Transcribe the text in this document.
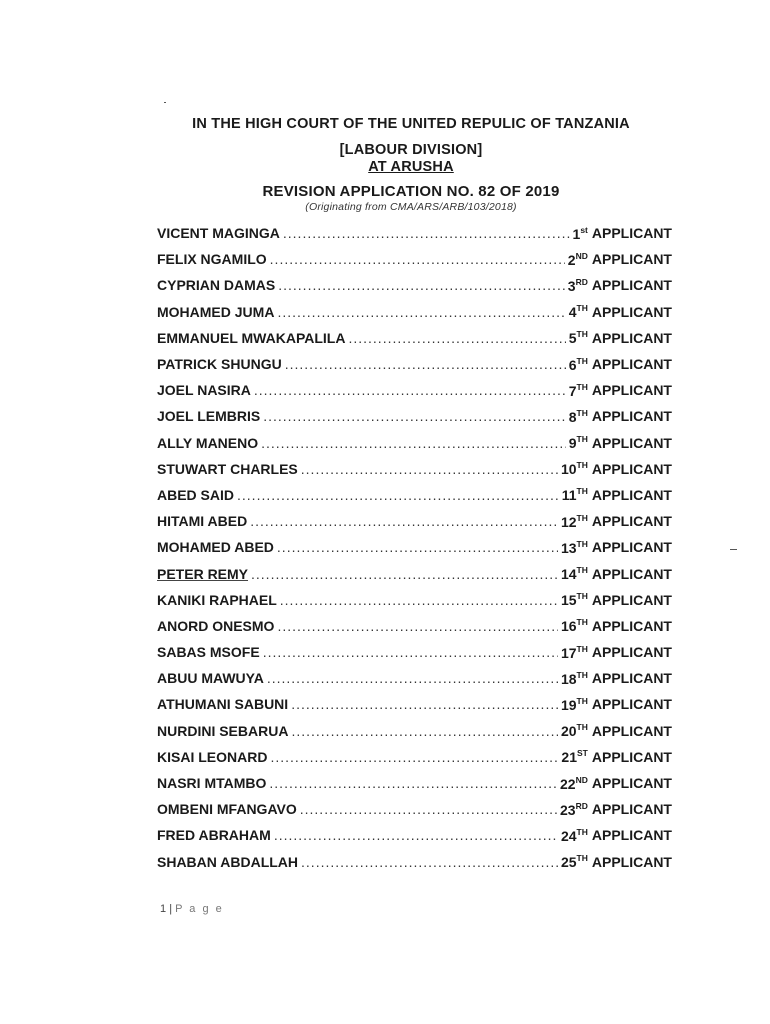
IN THE HIGH COURT OF THE UNITED REPULIC OF TANZANIA
[LABOUR DIVISION]
AT ARUSHA
REVISION APPLICATION NO. 82 OF 2019
(Originating from CMA/ARS/ARB/103/2018)
VICENT MAGINGA .....	1st APPLICANT
FELIX NGAMILO .....	2ND APPLICANT
CYPRIAN DAMAS .....	3RD APPLICANT
MOHAMED JUMA .....	4TH APPLICANT
EMMANUEL MWAKAPALILA .....	5TH APPLICANT
PATRICK SHUNGU .....	6TH APPLICANT
JOEL NASIRA .....	7TH APPLICANT
JOEL LEMBRIS .....	8TH APPLICANT
ALLY MANENO .....	9TH APPLICANT
STUWART CHARLES .....	10TH APPLICANT
ABED SAID .....	11TH APPLICANT
HITAMI ABED .....	12TH APPLICANT
MOHAMED ABED .....	13TH APPLICANT
PETER REMY .....	14TH APPLICANT
KANIKI RAPHAEL .....	15TH APPLICANT
ANORD ONESMO .....	16TH APPLICANT
SABAS MSOFE .....	17TH APPLICANT
ABUU MAWUYA .....	18TH APPLICANT
ATHUMANI SABUNI .....	19TH APPLICANT
NURDINI SEBARUA .....	20TH APPLICANT
KISAI LEONARD .....	21ST APPLICANT
NASRI MTAMBO .....	22ND APPLICANT
OMBENI MFANGAVO .....	23RD APPLICANT
FRED ABRAHAM .....	24TH APPLICANT
SHABAN ABDALLAH .....	25TH APPLICANT
1 | P a g e
